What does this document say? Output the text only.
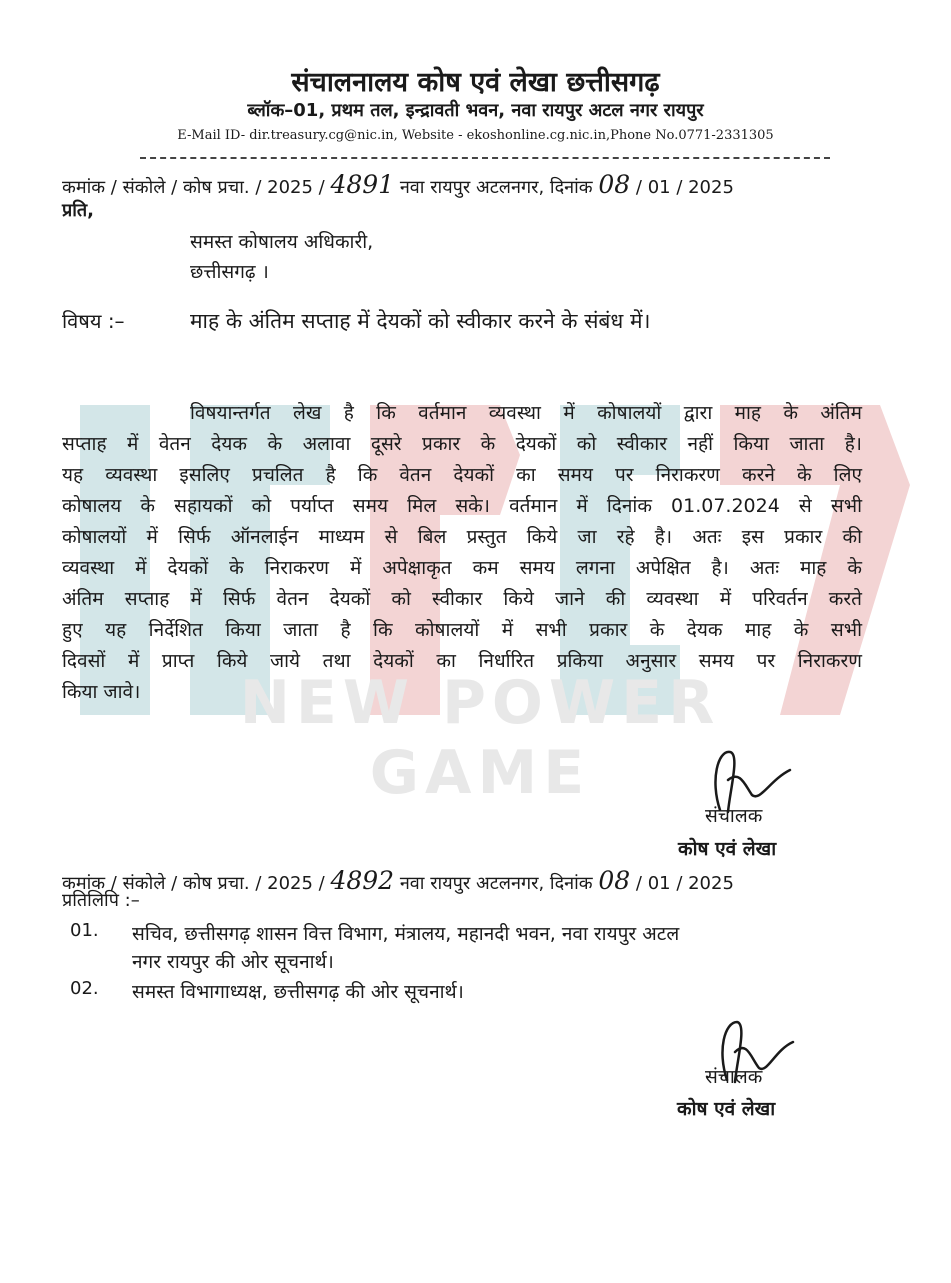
NEW POWER GAME
संचालनालय कोष एवं लेखा छत्तीसगढ़
ब्लॉक–01, प्रथम तल, इन्द्रावती भवन, नवा रायपुर अटल नगर रायपुर
E-Mail ID- dir.treasury.cg@nic.in, Website - ekoshonline.cg.nic.in,Phone No.0771-2331305
कमांक / संकोले / कोष प्रचा. / 2025 / 4891 नवा रायपुर अटलनगर, दिनांक 08 / 01 / 2025
प्रति,
समस्त कोषालय अधिकारी,
छत्तीसगढ़ ।
विषय :–	माह के अंतिम सप्ताह में देयकों को स्वीकार करने के संबंध में।
विषयान्तर्गत लेख है कि वर्तमान व्यवस्था में कोषालयों द्वारा माह के अंतिम
सप्ताह में वेतन देयक के अलावा दूसरे प्रकार के देयकों को स्वीकार नहीं किया जाता है।
यह व्यवस्था इसलिए प्रचलित है कि वेतन देयकों का समय पर निराकरण करने के लिए
कोषालय के सहायकों को पर्याप्त समय मिल सके। वर्तमान में दिनांक 01.07.2024 से सभी
कोषालयों में सिर्फ ऑनलाईन माध्यम से बिल प्रस्तुत किये जा रहे है। अतः इस प्रकार की
व्यवस्था में देयकों के निराकरण में अपेक्षाकृत कम समय लगना अपेक्षित है। अतः माह के
अंतिम सप्ताह में सिर्फ वेतन देयकों को स्वीकार किये जाने की व्यवस्था में परिवर्तन करते
हुए यह निर्देशित किया जाता है कि कोषालयों में सभी प्रकार के देयक माह के सभी
दिवसों में प्राप्त किये जाये तथा देयकों का निर्धारित प्रकिया अनुसार समय पर निराकरण
किया जावे।
संचालक
कोष एवं लेखा
कमांक / संकोले / कोष प्रचा. / 2025 / 4892 नवा रायपुर अटलनगर, दिनांक 08 / 01 / 2025
प्रतिलिपि :–
01. सचिव, छत्तीसगढ़ शासन वित्त विभाग, मंत्रालय, महानदी भवन, नवा रायपुर अटल
नगर रायपुर की ओर सूचनार्थ।
02. समस्त विभागाध्यक्ष, छत्तीसगढ़ की ओर सूचनार्थ।
संचालक
कोष एवं लेखा
